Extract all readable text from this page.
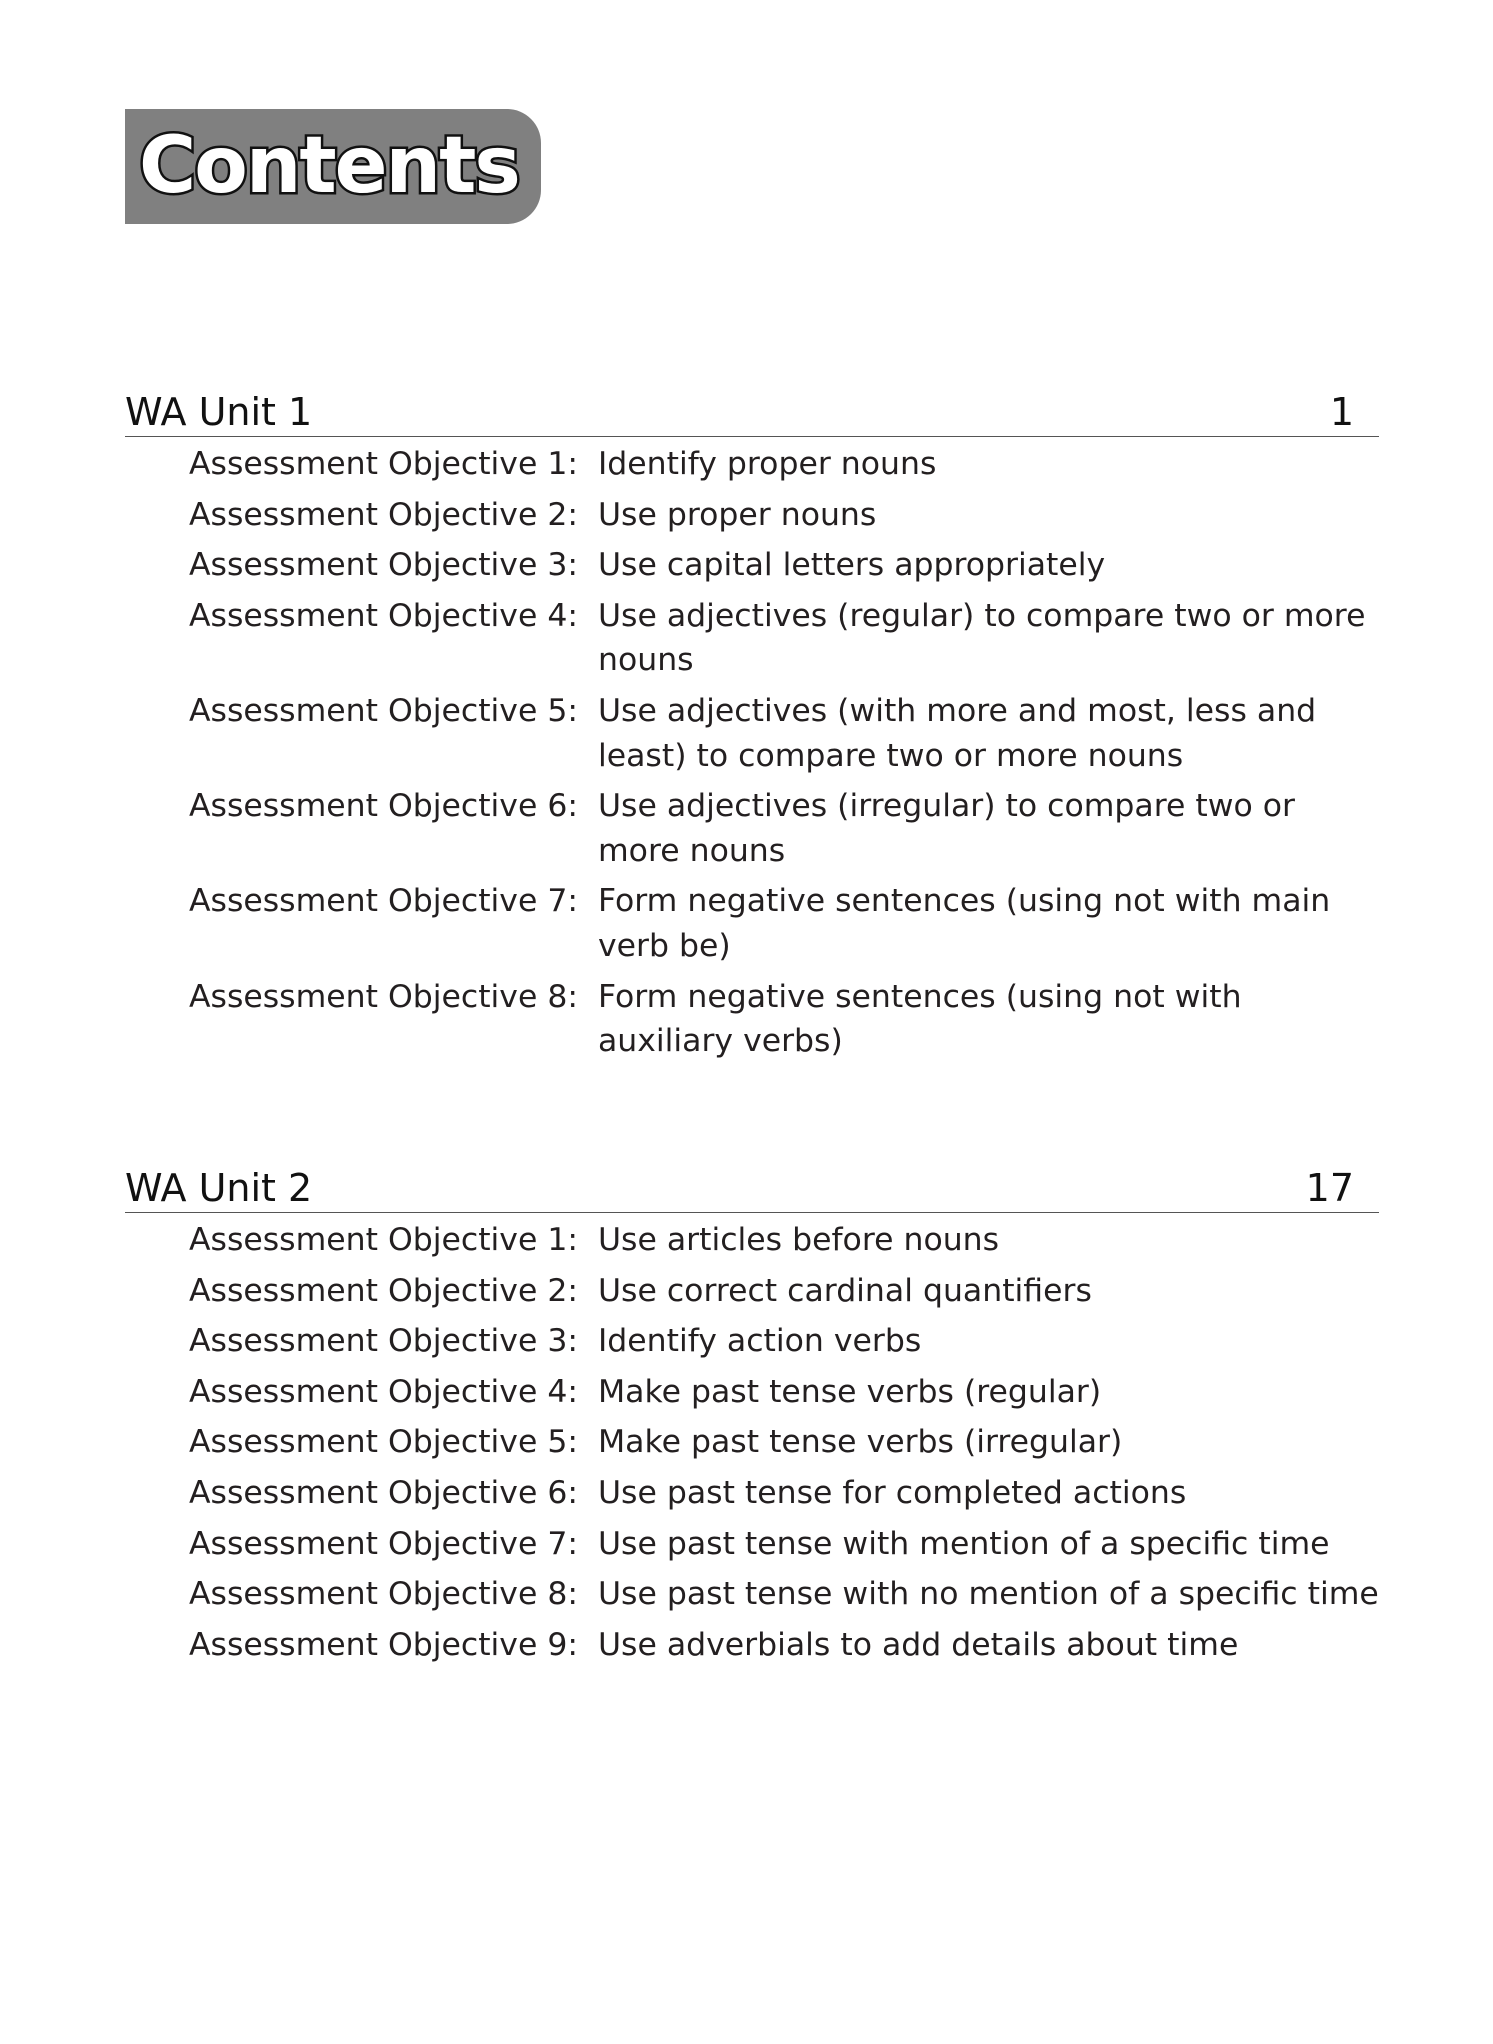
Contents
WA Unit 1	1
Assessment Objective 1: Identify proper nouns
Assessment Objective 2: Use proper nouns
Assessment Objective 3: Use capital letters appropriately
Assessment Objective 4: Use adjectives (regular) to compare two or more nouns
Assessment Objective 5: Use adjectives (with more and most, less and least) to compare two or more nouns
Assessment Objective 6: Use adjectives (irregular) to compare two or more nouns
Assessment Objective 7: Form negative sentences (using not with main verb be)
Assessment Objective 8: Form negative sentences (using not with auxiliary verbs)
WA Unit 2	17
Assessment Objective 1: Use articles before nouns
Assessment Objective 2: Use correct cardinal quantifiers
Assessment Objective 3: Identify action verbs
Assessment Objective 4: Make past tense verbs (regular)
Assessment Objective 5: Make past tense verbs (irregular)
Assessment Objective 6: Use past tense for completed actions
Assessment Objective 7: Use past tense with mention of a specific time
Assessment Objective 8: Use past tense with no mention of a specific time
Assessment Objective 9: Use adverbials to add details about time
